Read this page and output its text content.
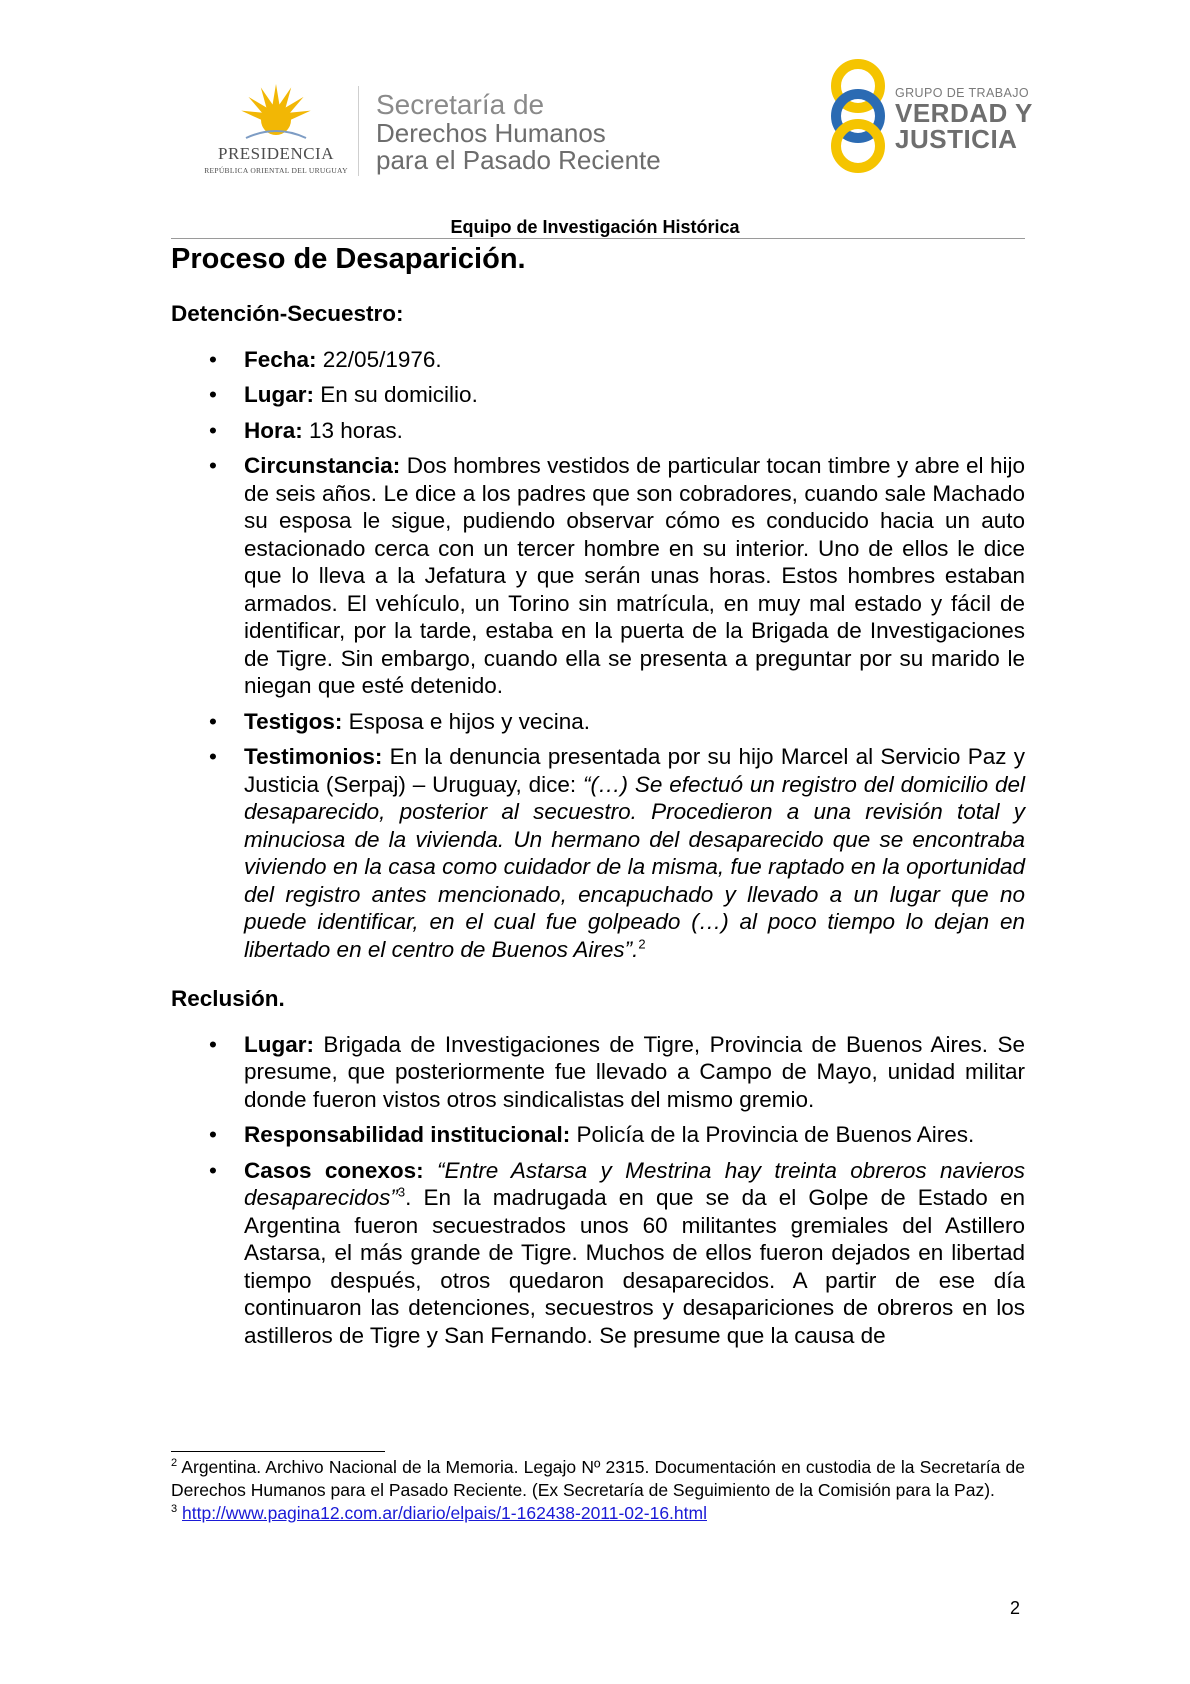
PRESIDENCIA
REPÚBLICA ORIENTAL DEL URUGUAY
Secretaría de
Derechos Humanos
para el Pasado Reciente
GRUPO DE TRABAJO
VERDAD Y
JUSTICIA
Equipo de Investigación Histórica
Proceso de Desaparición.
Detención-Secuestro:
• Fecha: 22/05/1976.
• Lugar: En su domicilio.
• Hora: 13 horas.
• Circunstancia: Dos hombres vestidos de particular tocan timbre y abre el hijo de seis años. Le dice a los padres que son cobradores, cuando sale Machado su esposa le sigue, pudiendo observar cómo es conducido hacia un auto estacionado cerca con un tercer hombre en su interior. Uno de ellos le dice que lo lleva a la Jefatura y que serán unas horas. Estos hombres estaban armados. El vehículo, un Torino sin matrícula, en muy mal estado y fácil de identificar, por la tarde, estaba en la puerta de la Brigada de Investigaciones de Tigre. Sin embargo, cuando ella se presenta a preguntar por su marido le niegan que esté detenido.
• Testigos: Esposa e hijos y vecina.
• Testimonios: En la denuncia presentada por su hijo Marcel al Servicio Paz y Justicia (Serpaj) – Uruguay, dice: “(…) Se efectuó un registro del domicilio del desaparecido, posterior al secuestro. Procedieron a una revisión total y minuciosa de la vivienda. Un hermano del desaparecido que se encontraba viviendo en la casa como cuidador de la misma, fue raptado en la oportunidad del registro antes mencionado, encapuchado y llevado a un lugar que no puede identificar, en el cual fue golpeado (…) al poco tiempo lo dejan en libertado en el centro de Buenos Aires”.$^2$
Reclusión.
• Lugar: Brigada de Investigaciones de Tigre, Provincia de Buenos Aires. Se presume, que posteriormente fue llevado a Campo de Mayo, unidad militar donde fueron vistos otros sindicalistas del mismo gremio.
• Responsabilidad institucional: Policía de la Provincia de Buenos Aires.
• Casos conexos: “Entre Astarsa y Mestrina hay treinta obreros navieros desaparecidos”$^3$. En la madrugada en que se da el Golpe de Estado en Argentina fueron secuestrados unos 60 militantes gremiales del Astillero Astarsa, el más grande de Tigre. Muchos de ellos fueron dejados en libertad tiempo después, otros quedaron desaparecidos. A partir de ese día continuaron las detenciones, secuestros y desapariciones de obreros en los astilleros de Tigre y San Fernando. Se presume que la causa de
$^2$ Argentina. Archivo Nacional de la Memoria. Legajo Nº 2315. Documentación en custodia de la Secretaría de Derechos Humanos para el Pasado Reciente. (Ex Secretaría de Seguimiento de la Comisión para la Paz).
$^3$ http://www.pagina12.com.ar/diario/elpais/1-162438-2011-02-16.html
2
